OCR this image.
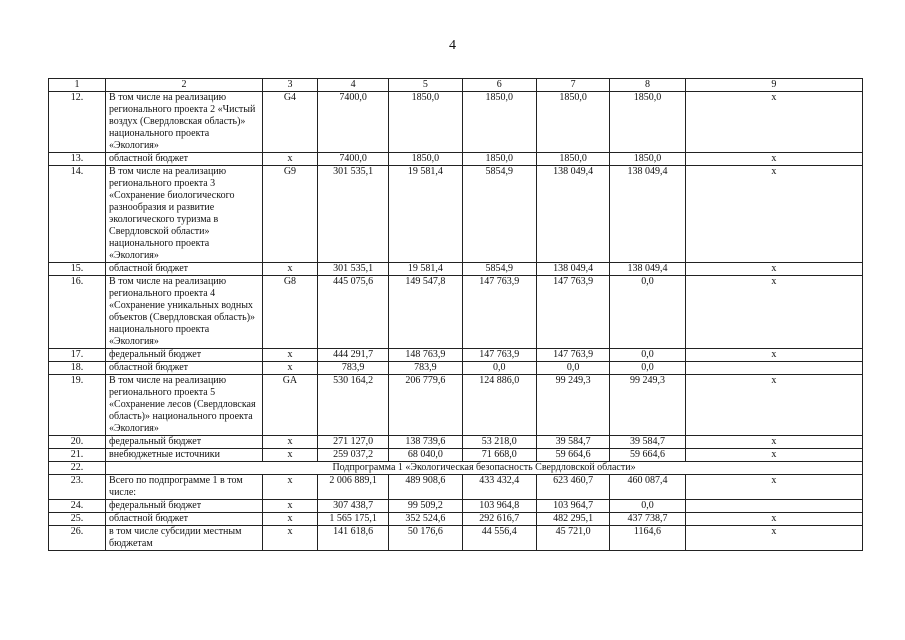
4
1	2	3	4	5	6	7	8	9
12.	В том числе на реализацию регионального проекта 2 «Чистый воздух (Свердловская область)» национального проекта «Экология»	G4	7400,0	1850,0	1850,0	1850,0	1850,0	x
13.	областной бюджет	x	7400,0	1850,0	1850,0	1850,0	1850,0	x
14.	В том числе на реализацию регионального проекта 3 «Сохранение биологического разнообразия и развитие экологического туризма в Свердловской области» национального проекта «Экология»	G9	301 535,1	19 581,4	5854,9	138 049,4	138 049,4	x
15.	областной бюджет	x	301 535,1	19 581,4	5854,9	138 049,4	138 049,4	x
16.	В том числе на реализацию регионального проекта 4 «Сохранение уникальных водных объектов (Свердловская область)» национального проекта «Экология»	G8	445 075,6	149 547,8	147 763,9	147 763,9	0,0	x
17.	федеральный бюджет	x	444 291,7	148 763,9	147 763,9	147 763,9	0,0	x
18.	областной бюджет	x	783,9	783,9	0,0	0,0	0,0	
19.	В том числе на реализацию регионального проекта 5 «Сохранение лесов (Свердловская область)» национального проекта «Экология»	GA	530 164,2	206 779,6	124 886,0	99 249,3	99 249,3	x
20.	федеральный бюджет	x	271 127,0	138 739,6	53 218,0	39 584,7	39 584,7	x
21.	внебюджетные источники	x	259 037,2	68 040,0	71 668,0	59 664,6	59 664,6	x
22.	Подпрограмма 1 «Экологическая безопасность Свердловской области»							
23.	Всего по подпрограмме 1 в том числе:	x	2 006 889,1	489 908,6	433 432,4	623 460,7	460 087,4	x
24.	федеральный бюджет	x	307 438,7	99 509,2	103 964,8	103 964,7	0,0	
25.	областной бюджет	x	1 565 175,1	352 524,6	292 616,7	482 295,1	437 738,7	x
26.	в том числе субсидии местным бюджетам	x	141 618,6	50 176,6	44 556,4	45 721,0	1164,6	x
